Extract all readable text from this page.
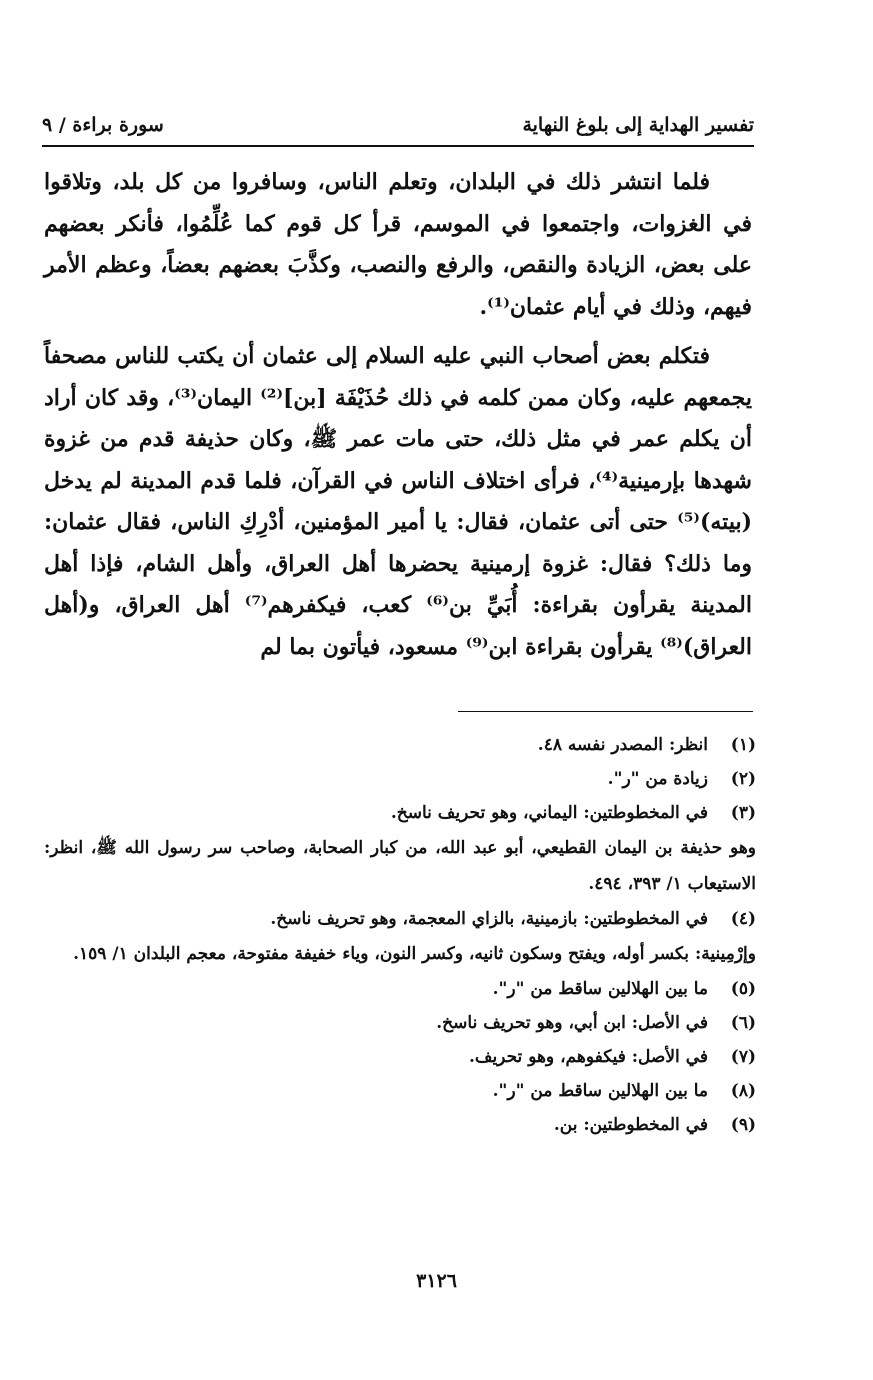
تفسير الهداية إلى بلوغ النهاية
سورة براءة / ٩

فلما انتشر ذلك في البلدان، وتعلم الناس، وسافروا من كل بلد، وتلاقوا في الغزوات، واجتمعوا في الموسم، قرأ كل قوم كما عُلِّمُوا، فأنكر بعضهم على بعض، الزيادة والنقص، والرفع والنصب، وكذَّبَ بعضهم بعضاً، وعظم الأمر فيهم، وذلك في أيام عثمان⁽¹⁾.

فتكلم بعض أصحاب النبي عليه السلام إلى عثمان أن يكتب للناس مصحفاً يجمعهم عليه، وكان ممن كلمه في ذلك حُذَيْفَة [بن]⁽²⁾ اليمان⁽³⁾، وقد كان أراد أن يكلم عمر في مثل ذلك، حتى مات عمر ﷺ، وكان حذيفة قدم من غزوة شهدها بإرمينية⁽⁴⁾، فرأى اختلاف الناس في القرآن، فلما قدم المدينة لم يدخل (بيته)⁽⁵⁾ حتى أتى عثمان، فقال: يا أمير المؤمنين، أدْرِكِ الناس، فقال عثمان: وما ذلك؟ فقال: غزوة إرمينية يحضرها أهل العراق، وأهل الشام، فإذا أهل المدينة يقرأون بقراءة: أُبَيِّ بن⁽⁶⁾ كعب، فيكفرهم⁽⁷⁾ أهل العراق، و(أهل العراق)⁽⁸⁾ يقرأون بقراءة ابن⁽⁹⁾ مسعود، فيأتون بما لم

(١)
انظر: المصدر نفسه ٤٨.
(٢)
زيادة من "ر".
(٣)
في المخطوطتين: اليماني، وهو تحريف ناسخ.
وهو حذيفة بن اليمان القطيعي، أبو عبد الله، من كبار الصحابة، وصاحب سر رسول الله ﷺ، انظر: الاستيعاب ١/ ٣٩٣، ٤٩٤.
(٤)
في المخطوطتين: بازمينية، بالزاي المعجمة، وهو تحريف ناسخ.
وإرْمِينية: بكسر أوله، ويفتح وسكون ثانيه، وكسر النون، وياء خفيفة مفتوحة، معجم البلدان ١/ ١٥٩.
(٥)
ما بين الهلالين ساقط من "ر".
(٦)
في الأصل: ابن أبي، وهو تحريف ناسخ.
(٧)
في الأصل: فيكفوهم، وهو تحريف.
(٨)
ما بين الهلالين ساقط من "ر".
(٩)
في المخطوطتين: بن.
٣١٢٦
